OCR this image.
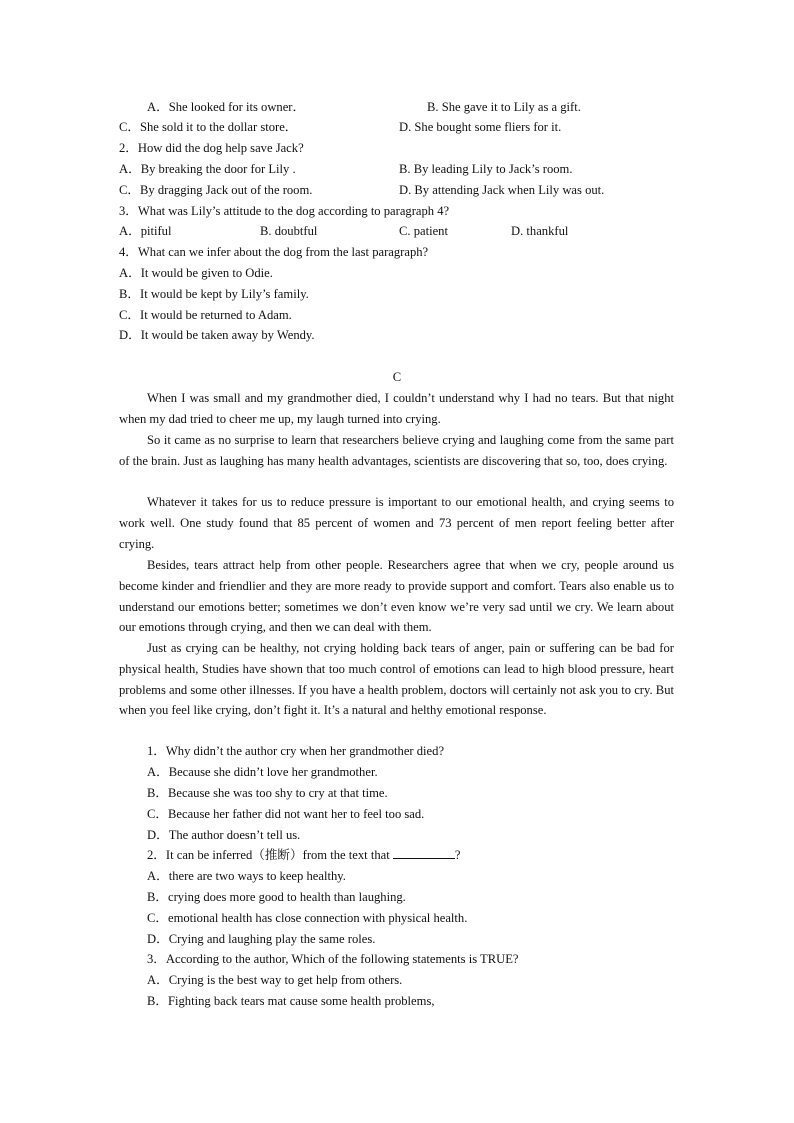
A．She looked for its owner．	B. She gave it to Lily as a gift.
C．She sold it to the dollar store．	D. She bought some fliers for it.
2．How did the dog help save Jack?
A．By breaking the door for Lily .	B. By leading Lily to Jack’s room.
C．By dragging Jack out of the room.	D. By attending Jack when Lily was out.
3．What was Lily’s attitude to the dog according to paragraph 4?
A．pitiful	B. doubtful	C. patient	D. thankful
4．What can we infer about the dog from the last paragraph?
A．It would be given to Odie.
B．It would be kept by Lily’s family.
C．It would be returned to Adam.
D．It would be taken away by Wendy.
C

When I was small and my grandmother died, I couldn’t understand why I had no tears. But that night when my dad tried to cheer me up, my laugh turned into crying.

So it came as no surprise to learn that researchers believe crying and laughing come from the same part of the brain. Just as laughing has many health advantages, scientists are discovering that so, too, does crying.

Whatever it takes for us to reduce pressure is important to our emotional health, and crying seems to work well. One study found that 85 percent of women and 73 percent of men report feeling better after crying.

Besides, tears attract help from other people. Researchers agree that when we cry, people around us become kinder and friendlier and they are more ready to provide support and comfort. Tears also enable us to understand our emotions better; sometimes we don’t even know we’re very sad until we cry. We learn about our emotions through crying, and then we can deal with them.

Just as crying can be healthy, not crying holding back tears of anger, pain or suffering can be bad for physical health, Studies have shown that too much control of emotions can lead to high blood pressure, heart problems and some other illnesses. If you have a health problem, doctors will certainly not ask you to cry. But when you feel like crying, don’t fight it. It’s a natural and helthy emotional response.

1．Why didn’t the author cry when her grandmother died?
A．Because she didn’t love her grandmother.
B．Because she was too shy to cry at that time.
C．Because her father did not want her to feel too sad.
D．The author doesn’t tell us.
2．It can be inferred（推断）from the text that	?
A．there are two ways to keep healthy.
B．crying does more good to health than laughing.
C．emotional health has close connection with physical health.
D．Crying and laughing play the same roles.
3．According to the author, Which of the following statements is TRUE?
A．Crying is the best way to get help from others.
B．Fighting back tears mat cause some health problems,
